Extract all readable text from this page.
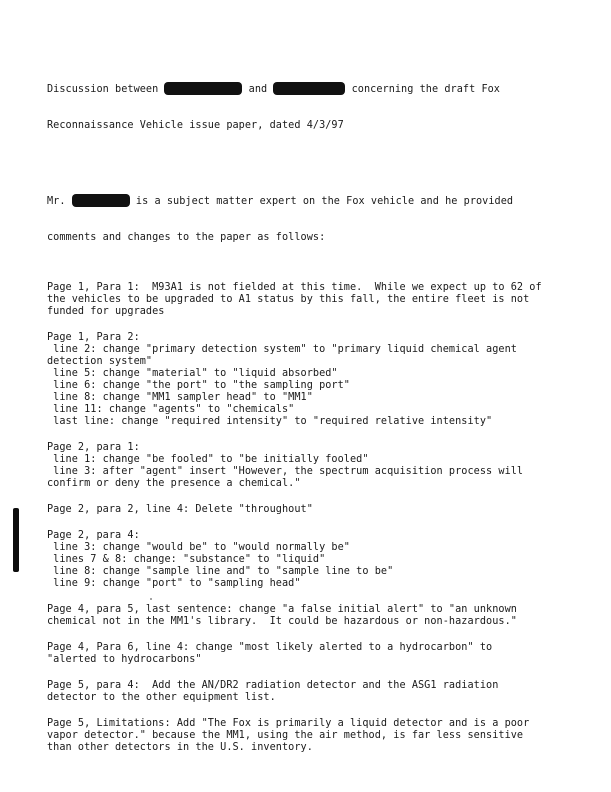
Discussion between	and	concerning the draft Fox

Reconnaissance Vehicle issue paper, dated 4/3/97

Mr.	is a subject matter expert on the Fox vehicle and he provided

comments and changes to the paper as follows:

Page 1, Para 1:  M93A1 is not fielded at this time.  While we expect up to 62 of
the vehicles to be upgraded to A1 status by this fall, the entire fleet is not
funded for upgrades

Page 1, Para 2:
line 2: change "primary detection system" to "primary liquid chemical agent
detection system"
line 5: change "material" to "liquid absorbed"
line 6: change "the port" to "the sampling port"
line 8: change "MM1 sampler head" to "MM1"
line 11: change "agents" to "chemicals"
last line: change "required intensity" to "required relative intensity"

Page 2, para 1:
line 1: change "be fooled" to "be initially fooled"
line 3: after "agent" insert "However, the spectrum acquisition process will
confirm or deny the presence a chemical."

Page 2, para 2, line 4: Delete "throughout"

Page 2, para 4:
line 3: change "would be" to "would normally be"
lines 7 & 8: change: "substance" to "liquid"
line 8: change "sample line and" to "sample line to be"
line 9: change "port" to "sampling head"

Page 4, para 5, last sentence: change "a false initial alert" to "an unknown
chemical not in the MM1's library.  It could be hazardous or non-hazardous."

Page 4, Para 6, line 4: change "most likely alerted to a hydrocarbon" to
"alerted to hydrocarbons"

Page 5, para 4:  Add the AN/DR2 radiation detector and the ASG1 radiation
detector to the other equipment list.

Page 5, Limitations: Add "The Fox is primarily a liquid detector and is a poor
vapor detector." because the MM1, using the air method, is far less sensitive
than other detectors in the U.S. inventory.
